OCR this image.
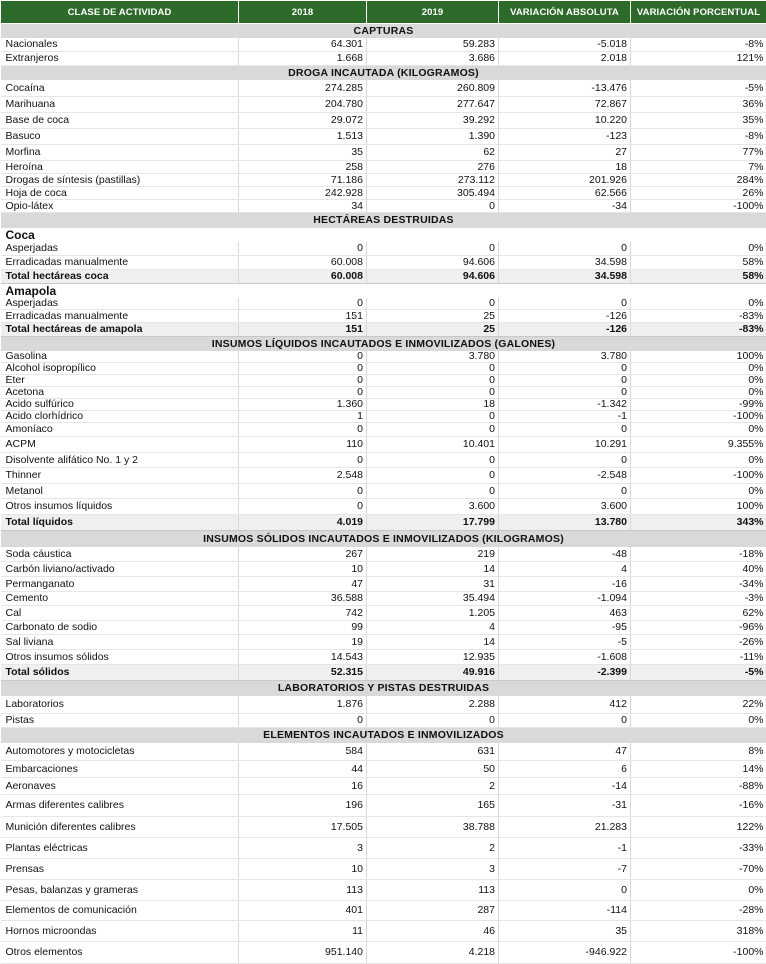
CLASE DE ACTIVIDAD	2018	2019	VARIACIÓN ABSOLUTA	VARIACIÓN PORCENTUAL
CAPTURAS				
Nacionales	64.301	59.283	-5.018	-8%
Extranjeros	1.668	3.686	2.018	121%
DROGA INCAUTADA (KILOGRAMOS)				
Cocaína	274.285	260.809	-13.476	-5%
Marihuana	204.780	277.647	72.867	36%
Base de coca	29.072	39.292	10.220	35%
Basuco	1.513	1.390	-123	-8%
Morfina	35	62	27	77%
Heroína	258	276	18	7%
Drogas de síntesis (pastillas)	71.186	273.112	201.926	284%
Hoja de coca	242.928	305.494	62.566	26%
Opio-látex	34	0	-34	-100%
HECTÁREAS DESTRUIDAS				
Coca				
Asperjadas	0	0	0	0%
Erradicadas manualmente	60.008	94.606	34.598	58%
Total hectáreas coca	60.008	94.606	34.598	58%
Amapola				
Asperjadas	0	0	0	0%
Erradicadas manualmente	151	25	-126	-83%
Total hectáreas de amapola	151	25	-126	-83%
INSUMOS LÍQUIDOS INCAUTADOS E INMOVILIZADOS (GALONES)				
Gasolina	0	3.780	3.780	100%
Alcohol isopropílico	0	0	0	0%
Éter	0	0	0	0%
Acetona	0	0	0	0%
Acido sulfúrico	1.360	18	-1.342	-99%
Acido clorhídrico	1	0	-1	-100%
Amoníaco	0	0	0	0%
ACPM	110	10.401	10.291	9.355%
Disolvente alifático No. 1 y 2	0	0	0	0%
Thinner	2.548	0	-2.548	-100%
Metanol	0	0	0	0%
Otros insumos líquidos	0	3.600	3.600	100%
Total líquidos	4.019	17.799	13.780	343%
INSUMOS SÓLIDOS INCAUTADOS E INMOVILIZADOS (KILOGRAMOS)				
Soda cáustica	267	219	-48	-18%
Carbón liviano/activado	10	14	4	40%
Permanganato	47	31	-16	-34%
Cemento	36.588	35.494	-1.094	-3%
Cal	742	1.205	463	62%
Carbonato de sodio	99	4	-95	-96%
Sal liviana	19	14	-5	-26%
Otros insumos sólidos	14.543	12.935	-1.608	-11%
Total sólidos	52.315	49.916	-2.399	-5%
LABORATORIOS Y PISTAS DESTRUIDAS				
Laboratorios	1.876	2.288	412	22%
Pistas	0	0	0	0%
ELEMENTOS INCAUTADOS E INMOVILIZADOS				
Automotores y motocicletas	584	631	47	8%
Embarcaciones	44	50	6	14%
Aeronaves	16	2	-14	-88%
Armas diferentes calibres	196	165	-31	-16%
Munición diferentes calibres	17.505	38.788	21.283	122%
Plantas eléctricas	3	2	-1	-33%
Prensas	10	3	-7	-70%
Pesas, balanzas y grameras	113	113	0	0%
Elementos de comunicación	401	287	-114	-28%
Hornos microondas	11	46	35	318%
Otros elementos	951.140	4.218	-946.922	-100%
